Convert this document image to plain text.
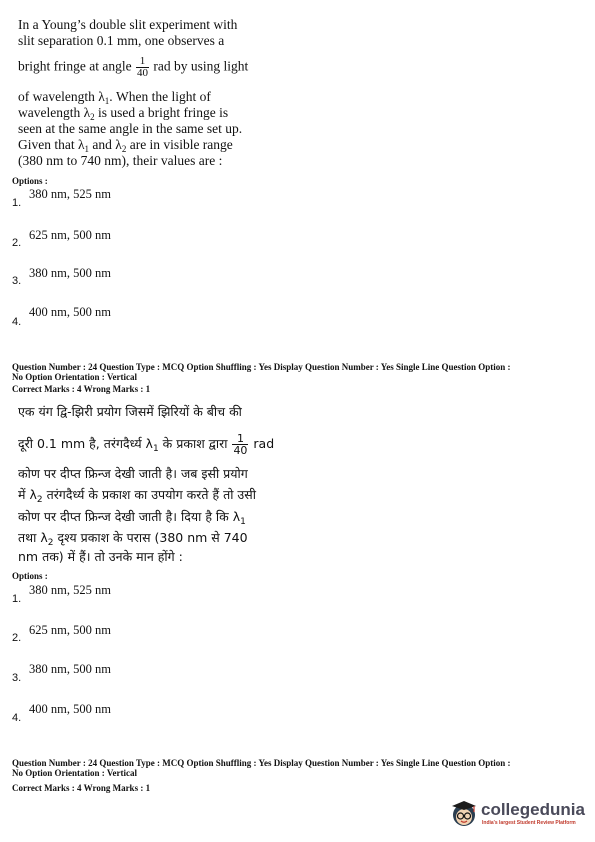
In a Young’s double slit experiment with
slit separation 0.1 mm, one observes a
bright fringe at angle $\frac{1}{40}$ rad by using light
of wavelength $\lambda_1$. When the light of
wavelength $\lambda_2$ is used a bright fringe is
seen at the same angle in the same set up.
Given that $\lambda_1$ and $\lambda_2$ are in visible range
(380 nm to 740 nm), their values are :
Options :
380 nm, 525 nm
1.
625 nm, 500 nm
2.
380 nm, 500 nm
3.
400 nm, 500 nm
4.
Question Number : 24 Question Type : MCQ Option Shuffling : Yes Display Question Number : Yes Single Line Question Option :
No Option Orientation : Vertical
Correct Marks : 4 Wrong Marks : 1
एक यंग द्वि-झिरी प्रयोग जिसमें झिरियों के बीच की
दूरी 0.1 mm है, तरंगदैर्ध्य $\lambda_1$ के प्रकाश द्वारा $\frac{1}{40}$ rad
कोण पर दीप्त फ्रिन्ज देखी जाती है। जब इसी प्रयोग
में $\lambda_2$ तरंगदैर्ध्य के प्रकाश का उपयोग करते हैं तो उसी
कोण पर दीप्त फ्रिन्ज देखी जाती है। दिया है कि $\lambda_1$
तथा $\lambda_2$ दृश्य प्रकाश के परास (380 nm से 740
nm तक) में हैं। तो उनके मान होंगे :
Options :
380 nm, 525 nm
1.
625 nm, 500 nm
2.
380 nm, 500 nm
3.
400 nm, 500 nm
4.
Question Number : 24 Question Type : MCQ Option Shuffling : Yes Display Question Number : Yes Single Line Question Option :
No Option Orientation : Vertical
Correct Marks : 4 Wrong Marks : 1
collegedunia
India's largest Student Review Platform
